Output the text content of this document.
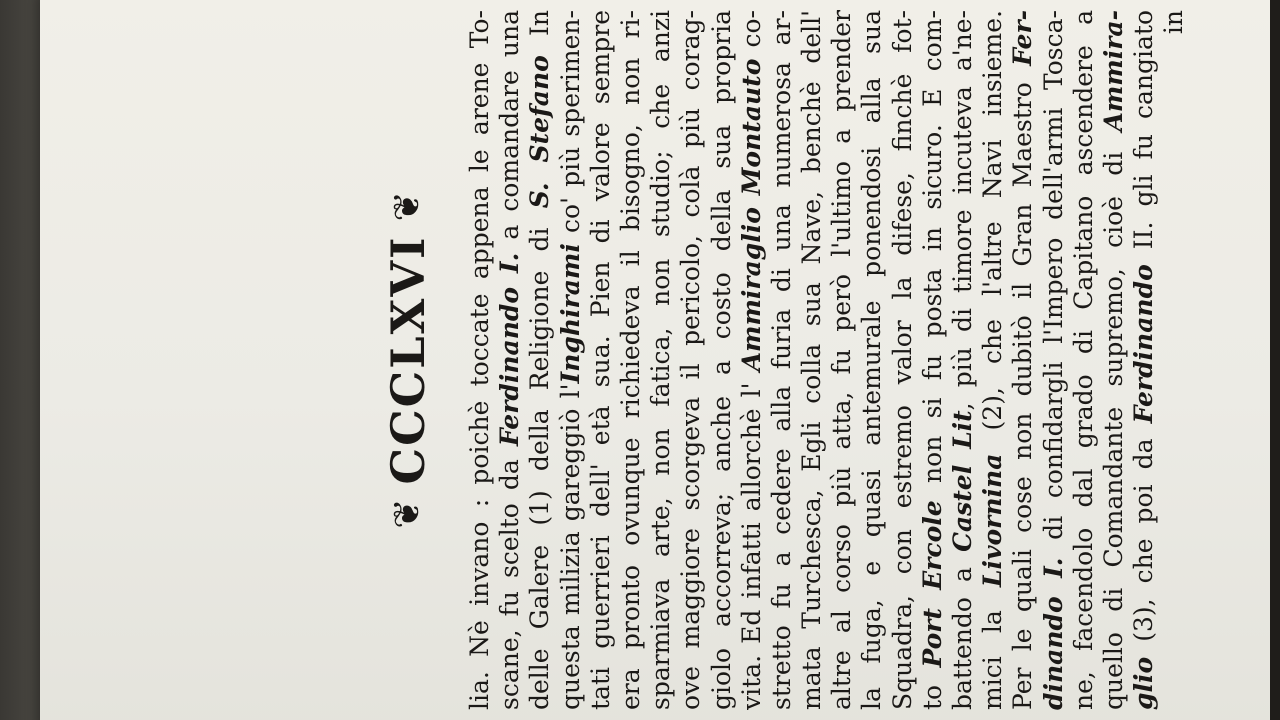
❦
CCCLXVI
❦ lia. Nè invano : poichè toccate appena le arene To- scane, fu scelto da Ferdinando I. a comandare una
delle Galere (1) della Religione di S. Stefano In
questa milizia gareggiò l'Inghirami co' più sperimen- tati guerrieri dell' età sua. Pien di valore sempre era pronto ovunque richiedeva il bisogno, non ri- sparmiava arte, non fatica, non studio; che anzi ove maggiore scorgeva il pericolo, colà più corag- giolo accorreva; anche a costo della sua propria vita. Ed infatti allorchè l' Ammiraglio Montauto co- stretto fu a cedere alla furia di una numerosa ar- mata Turchesca, Egli colla sua Nave, benchè dell' altre al corso più atta, fu però l'ultimo a prender la fuga, e quasi antemurale ponendosi alla sua Squadra, con estremo valor la difese, finchè fot- to Port Ercole non si fu posta in sicuro. E com-
battendo a Castel Lit, più di timore incuteva a'ne-
mici la Livornina (2), che l'altre Navi insieme. Per le quali cose non dubitò il Gran Maestro Fer-
dinando I. di confidargli l'Impero dell'armi Tosca- ne, facendolo dal grado di Capitano ascendere a quello di Comandante supremo, cioè di Ammira-
glio (3), che poi da Ferdinando II. gli fu cangiato in
